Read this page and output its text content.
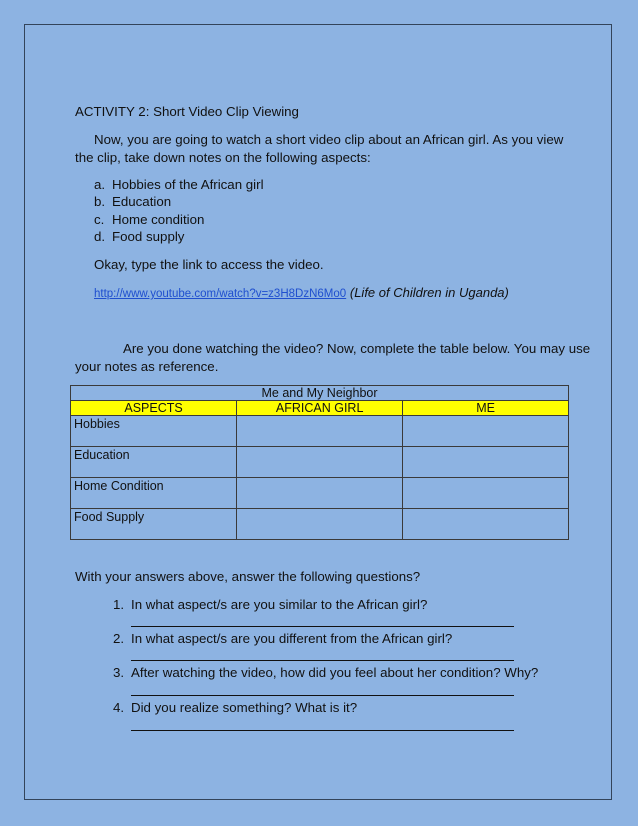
ACTIVITY 2: Short Video Clip Viewing
Now, you are going to watch a short video clip about an African girl. As you view
the clip, take down notes on the following aspects:
a. Hobbies of the African girl
b. Education
c. Home condition
d. Food supply
Okay, type the link to access the video.
http://www.youtube.com/watch?v=z3H8DzN6Mo0 (Life of Children in Uganda)
Are you done watching the video? Now, complete the table below. You may use
your notes as reference.
Me and My Neighbor		
ASPECTS	AFRICAN GIRL	ME
Hobbies		
Education		
Home Condition		
Food Supply		
With your answers above, answer the following questions?
1. In what aspect/s are you similar to the African girl?
2. In what aspect/s are you different from the African girl?
3. After watching the video, how did you feel about her condition? Why?
4. Did you realize something? What is it?
